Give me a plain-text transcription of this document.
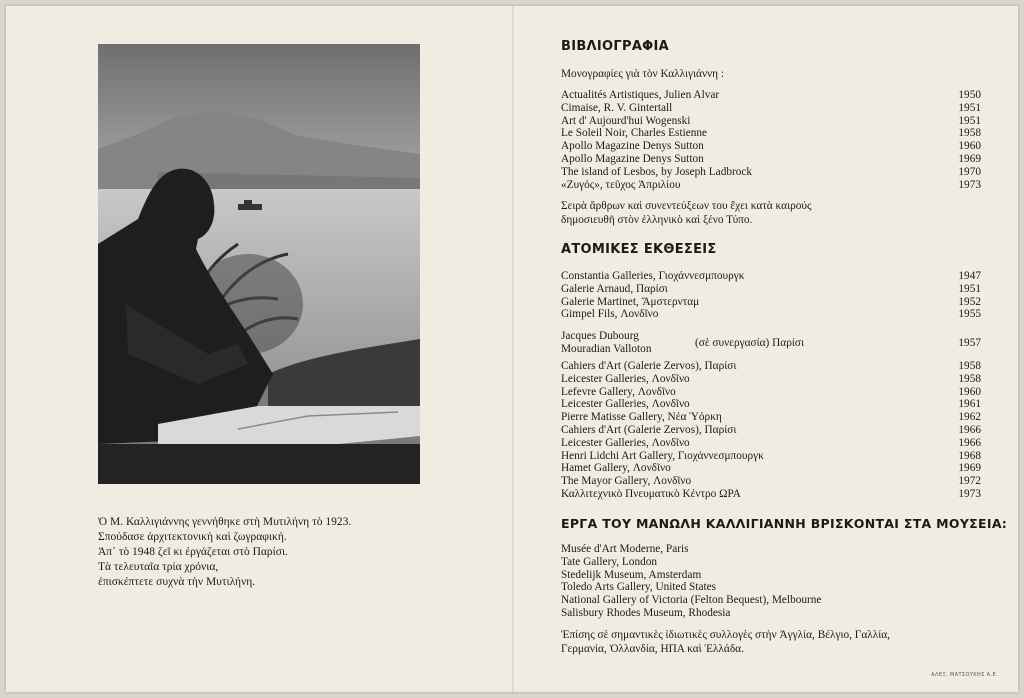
Ὁ Μ. Καλλιγιάννης γεννήθηκε στὴ Μυτιλήνη τὸ 1923.
Σπούδασε ἀρχιτεκτονικὴ καὶ ζωγραφική.
Ἀπ᾿ τὸ 1948 ζεῖ κι ἐργάζεται στὸ Παρίσι.
Τὰ τελευταῖα τρία χρόνια,
ἐπισκέπτετε συχνὰ τὴν Μυτιλήνη.
ΒΙΒΛΙΟΓΡΑΦΙΑ
Μονογραφίες γιὰ τὸν Καλλιγιάννη :
Actualités Artistiques, Julien Alvar	1950
Cimaise, R. V. Gintertall	1951
Art d' Aujourd'hui Wogenski	1951
Le Soleil Noir, Charles Estienne	1958
Apollo Magazine Denys Sutton	1960
Apollo Magazine Denys Sutton	1969
The island of Lesbos, by Joseph Ladbrock	1970
«Ζυγός», τεῦχος Ἀπριλίου	1973
Σειρὰ ἄρθρων καὶ συνεντεύξεων του ἔχει κατὰ καιρούς
δημοσιευθῆ στὸν ἑλληνικὸ καὶ ξένο Τύπο.
ΑΤΟΜΙΚΕΣ ΕΚΘΕΣΕΙΣ
Constantia Galleries, Γιοχάννεσμπουργκ	1947
Galerie Arnaud, Παρίσι	1951
Galerie Martinet, Ἄμστερνταμ	1952
Gimpel Fils, Λονδῖνο	1955
Jacques Dubourg
Mouradian Valloton	(σὲ συνεργασία) Παρίσι	1957
Cahiers d'Art (Galerie Zervos), Παρίσι	1958
Leicester Galleries, Λονδῖνο	1958
Lefevre Gallery, Λονδῖνο	1960
Leicester Galleries, Λονδῖνο	1961
Pierre Matisse Gallery, Νέα Ὑόρκη	1962
Cahiers d'Art (Galerie Zervos), Παρίσι	1966
Leicester Galleries, Λονδῖνο	1966
Henri Lidchi Art Gallery, Γιοχάννεσμπουργκ	1968
Hamet Gallery, Λονδῖνο	1969
The Mayor Gallery, Λονδῖνο	1972
Καλλιτεχνικὸ Πνευματικὸ Κέντρο ΩΡΑ	1973
ΕΡΓΑ ΤΟΥ ΜΑΝΩΛΗ ΚΑΛΛΙΓΙΑΝΝΗ ΒΡΙΣΚΟΝΤΑΙ ΣΤΑ ΜΟΥΣΕΙΑ:
Musée d'Art Moderne, Paris
Tate Gallery, London
Stedelijk Museum, Amsterdam
Toledo Arts Gallery, United States
National Gallery of Victoria (Felton Bequest), Melbourne
Salisbury Rhodes Museum, Rhodesia
Ἐπίσης σὲ σημαντικὲς ἰδιωτικὲς συλλογὲς στὴν Ἀγγλία, Βέλγιο, Γαλλία,
Γερμανία, Ὁλλανδία, ΗΠΑ καὶ Ἑλλάδα.
ΑΛΕΞ. ΜΑΤΣΟΥΚΗΣ Α.Ε.
